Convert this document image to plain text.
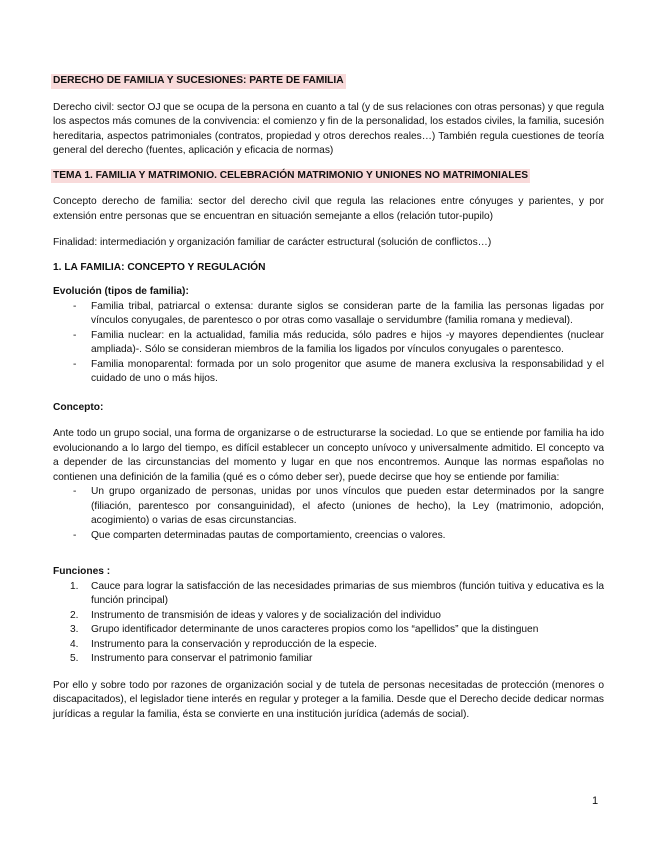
DERECHO DE FAMILIA Y SUCESIONES: PARTE DE FAMILIA

Derecho civil: sector OJ que se ocupa de la persona en cuanto a tal (y de sus relaciones con otras personas) y que regula los aspectos más comunes de la convivencia: el comienzo y fin de la personalidad, los estados civiles, la familia, sucesión hereditaria, aspectos patrimoniales (contratos, propiedad y otros derechos reales…) También regula cuestiones de teoría general del derecho (fuentes, aplicación y eficacia de normas)

TEMA 1. FAMILIA Y MATRIMONIO. CELEBRACIÓN MATRIMONIO Y UNIONES NO MATRIMONIALES

Concepto derecho de familia: sector del derecho civil que regula las relaciones entre cónyuges y parientes, y por extensión entre personas que se encuentran en situación semejante a ellos (relación tutor-pupilo)

Finalidad: intermediación y organización familiar de carácter estructural (solución de conflictos…)

1. LA FAMILIA: CONCEPTO Y REGULACIÓN

Evolución (tipos de familia):

- Familia tribal, patriarcal o extensa: durante siglos se consideran parte de la familia las personas ligadas por vínculos conyugales, de parentesco o por otras como vasallaje o servidumbre (familia romana y medieval).
- Familia nuclear: en la actualidad, familia más reducida, sólo padres e hijos -y mayores dependientes (nuclear ampliada)-. Sólo se consideran miembros de la familia los ligados por vínculos conyugales o parentesco.
- Familia monoparental: formada por un solo progenitor que asume de manera exclusiva la responsabilidad y el cuidado de uno o más hijos.

Concepto:

Ante todo un grupo social, una forma de organizarse o de estructurarse la sociedad. Lo que se entiende por familia ha ido evolucionando a lo largo del tiempo, es difícil establecer un concepto unívoco y universalmente admitido. El concepto va a depender de las circunstancias del momento y lugar en que nos encontremos. Aunque las normas españolas no contienen una definición de la familia (qué es o cómo deber ser), puede decirse que hoy se entiende por familia:

- Un grupo organizado de personas, unidas por unos vínculos que pueden estar determinados por la sangre (filiación, parentesco por consanguinidad), el afecto (uniones de hecho), la Ley (matrimonio, adopción, acogimiento) o varias de esas circunstancias.
- Que comparten determinadas pautas de comportamiento, creencias o valores.

Funciones :

1. Cauce para lograr la satisfacción de las necesidades primarias de sus miembros (función tuitiva y educativa es la función principal)
2. Instrumento de transmisión de ideas y valores y de socialización del individuo
3. Grupo identificador determinante de unos caracteres propios como los “apellidos” que la distinguen
4. Instrumento para la conservación y reproducción de la especie.
5. Instrumento para conservar el patrimonio familiar

Por ello y sobre todo por razones de organización social y de tutela de personas necesitadas de protección (menores o discapacitados), el legislador tiene interés en regular y proteger a la familia. Desde que el Derecho decide dedicar normas jurídicas a regular la familia, ésta se convierte en una institución jurídica (además de social).

1
